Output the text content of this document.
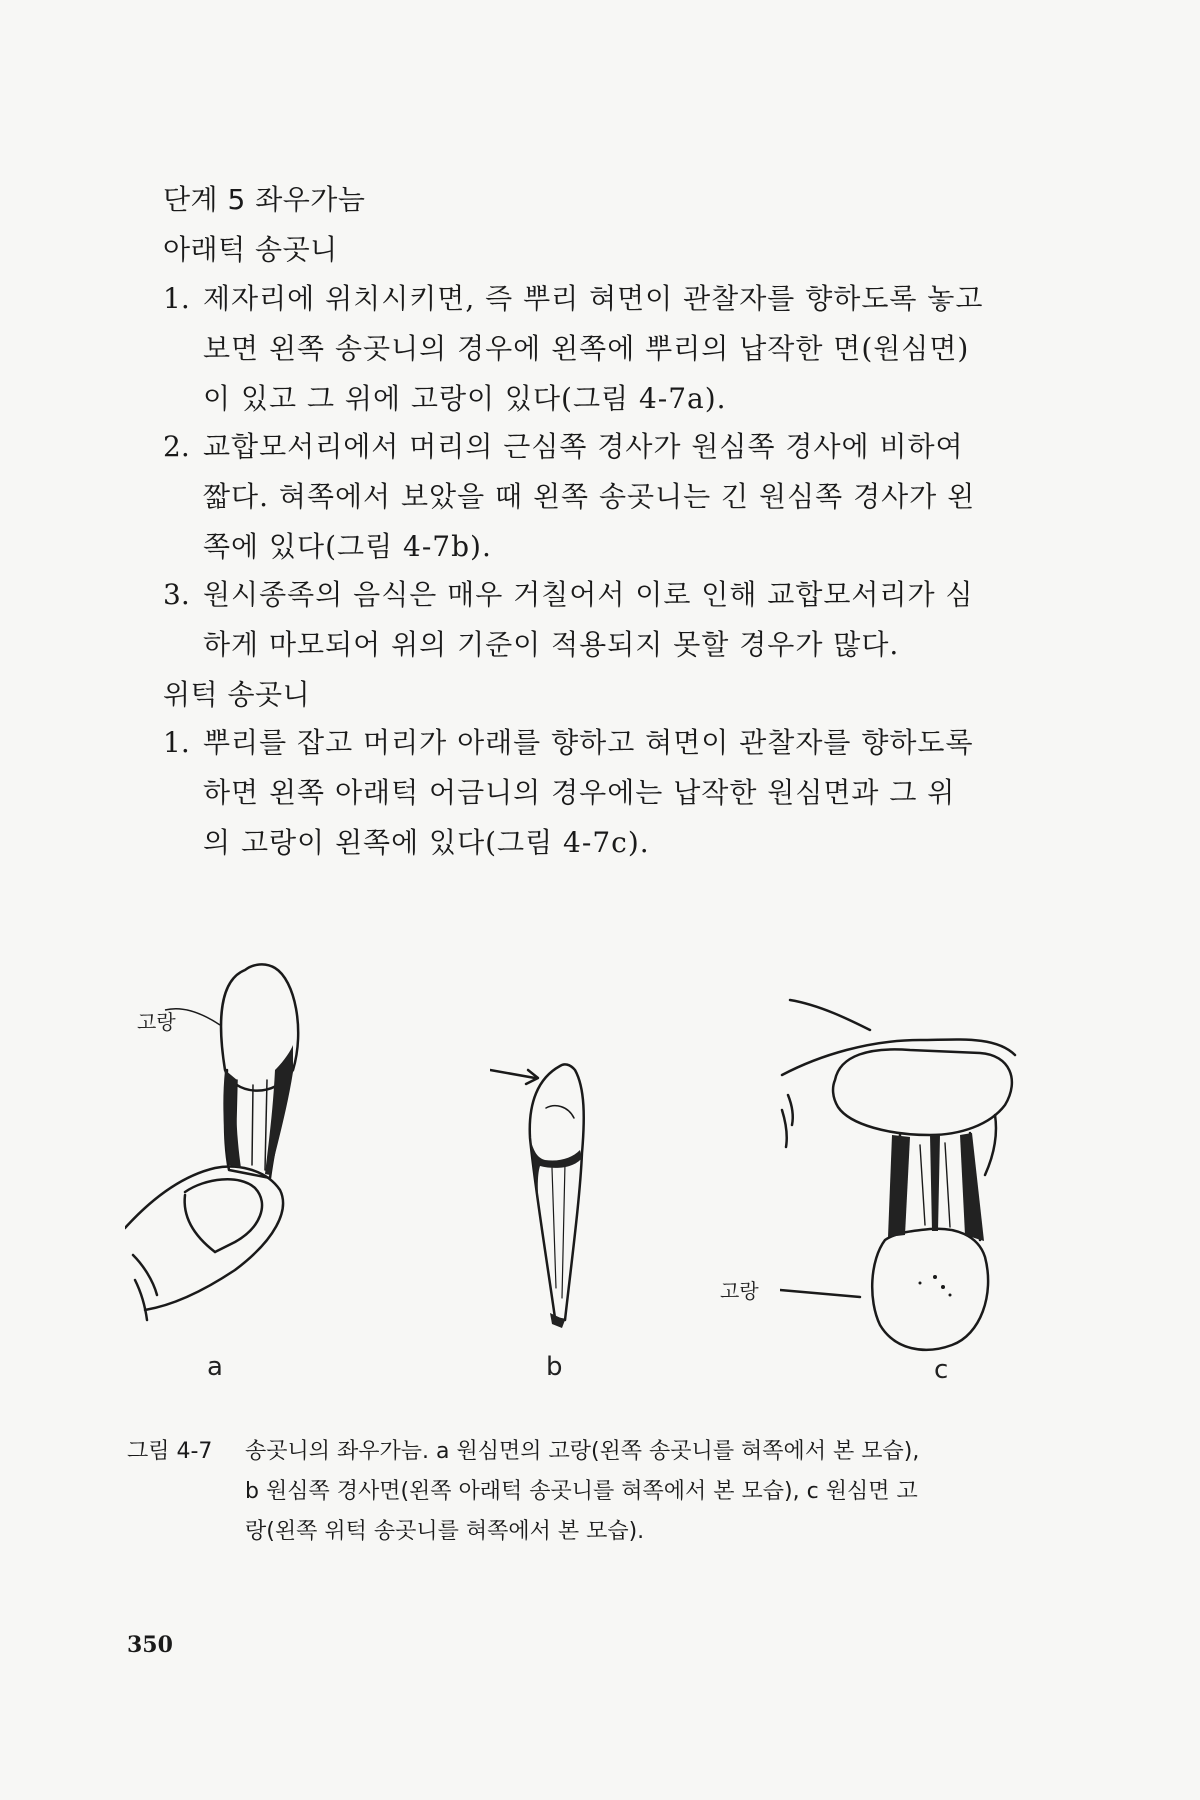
단계 5 좌우가늠
아래턱 송곳니
1. 제자리에 위치시키면, 즉 뿌리 혀면이 관찰자를 향하도록 놓고
보면 왼쪽 송곳니의 경우에 왼쪽에 뿌리의 납작한 면(원심면)
이 있고 그 위에 고랑이 있다(그림 4-7a).
2. 교합모서리에서 머리의 근심쪽 경사가 원심쪽 경사에 비하여
짧다. 혀쪽에서 보았을 때 왼쪽 송곳니는 긴 원심쪽 경사가 왼
쪽에 있다(그림 4-7b).
3. 원시종족의 음식은 매우 거칠어서 이로 인해 교합모서리가 심
하게 마모되어 위의 기준이 적용되지 못할 경우가 많다.
위턱 송곳니
1. 뿌리를 잡고 머리가 아래를 향하고 혀면이 관찰자를 향하도록
하면 왼쪽 아래턱 어금니의 경우에는 납작한 원심면과 그 위
의 고랑이 왼쪽에 있다(그림 4-7c).
고랑
a	b
고랑
c
그림 4-7 송곳니의 좌우가늠. a 원심면의 고랑(왼쪽 송곳니를 혀쪽에서 본 모습),
b 원심쪽 경사면(왼쪽 아래턱 송곳니를 혀쪽에서 본 모습), c 원심면 고
랑(왼쪽 위턱 송곳니를 혀쪽에서 본 모습).
350
